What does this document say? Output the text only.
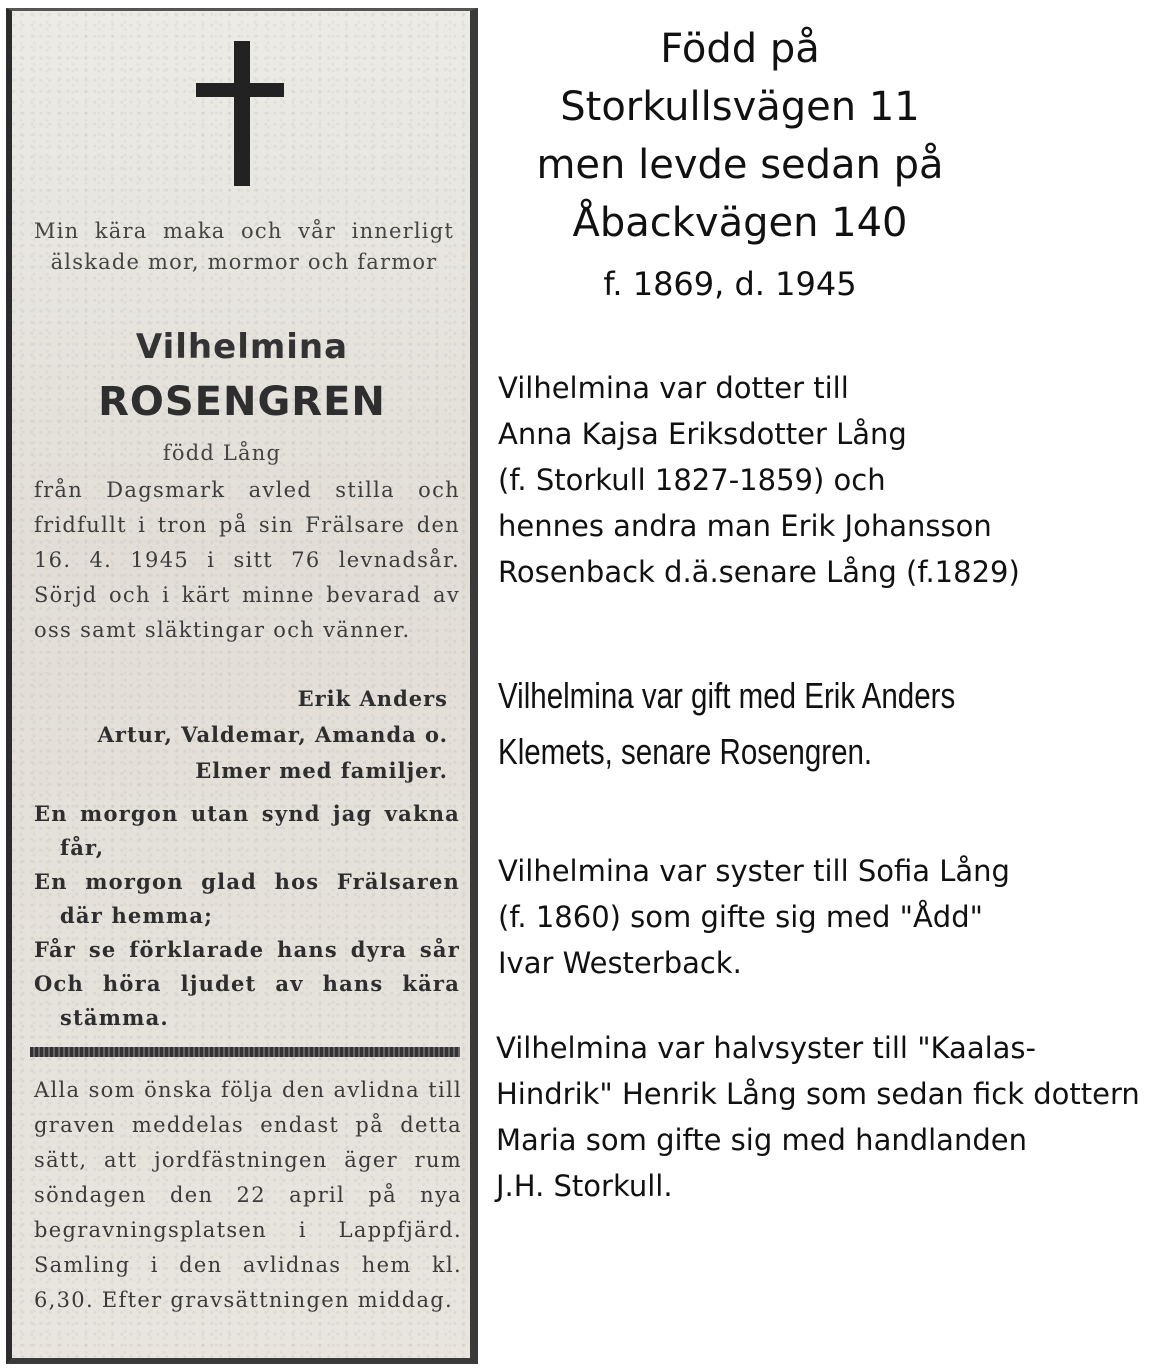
Min kära maka och vår innerligt älskade mor, mormor och farmor
Vilhelmina
ROSENGREN
född Lång
från Dagsmark avled stilla och fridfullt i tron på sin Frälsare den 16. 4. 1945 i sitt 76 levnadsår. Sörjd och i kärt minne bevarad av oss samt släktingar och vänner.
Erik Anders
Artur, Valdemar, Amanda o.
Elmer med familjer.
En morgon utan synd jag vakna
får,
En morgon glad hos Frälsaren
där hemma;
Får se förklarade hans dyra sår
Och höra ljudet av hans kära
stämma.
Alla som önska följa den avlidna till graven meddelas endast på detta sätt, att jordfästningen äger rum söndagen den 22 april på nya begravningsplatsen i Lappfjärd. Samling i den avlidnas hem kl. 6,30. Efter gravsättningen middag.
Född på
Storkullsvägen 11
men levde sedan på
Åbackvägen 140
f. 1869, d. 1945
Vilhelmina var dotter till
Anna Kajsa Eriksdotter Lång
(f. Storkull 1827-1859) och
hennes andra man Erik Johansson
Rosenback d.ä.senare Lång (f.1829)
Vilhelmina var gift med Erik Anders
Klemets, senare Rosengren.
Vilhelmina var syster till Sofia Lång
(f. 1860) som gifte sig med "Ådd"
Ivar Westerback.
Vilhelmina var halvsyster till "Kaalas-
Hindrik" Henrik Lång som sedan fick dottern
Maria som gifte sig med handlanden
J.H. Storkull.
